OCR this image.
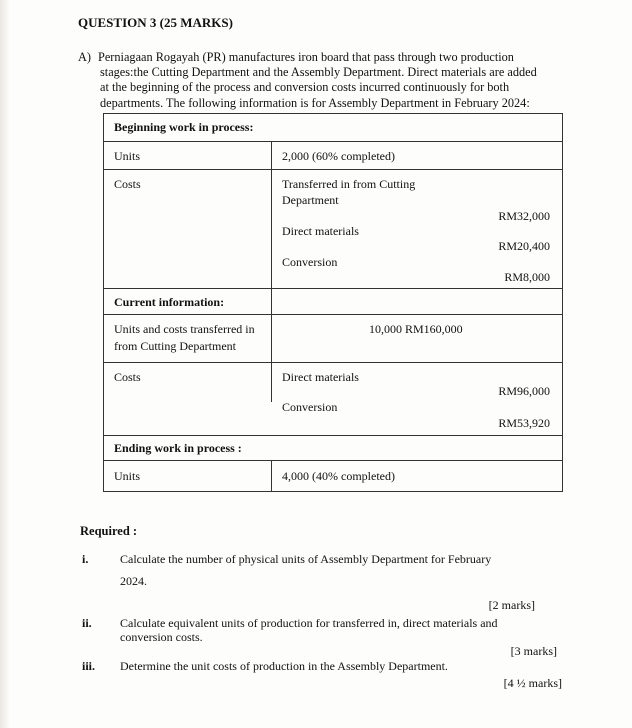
QUESTION 3 (25 MARKS)
A) Perniagaan Rogayah (PR) manufactures iron board that pass through two production
stages:the Cutting Department and the Assembly Department. Direct materials are added
at the beginning of the process and conversion costs incurred continuously for both
departments. The following information is for Assembly Department in February 2024:
Beginning work in process:
Units	2,000 (60% completed)
Costs	Transferred in from Cutting
Department
RM32,000
Direct materials
RM20,400
Conversion
RM8,000
Current information:
Units and costs transferred in
from Cutting Department
10,000 RM160,000
Costs	Direct materials
RM96,000
Conversion
RM53,920
Ending work in process :
Units	4,000 (40% completed)
Required :
i.	Calculate the number of physical units of Assembly Department for February
2024.
[2 marks]
ii. Calculate equivalent units of production for transferred in, direct materials and
conversion costs.
[3 marks]
iii. Determine the unit costs of production in the Assembly Department.
[4 ½ marks]
